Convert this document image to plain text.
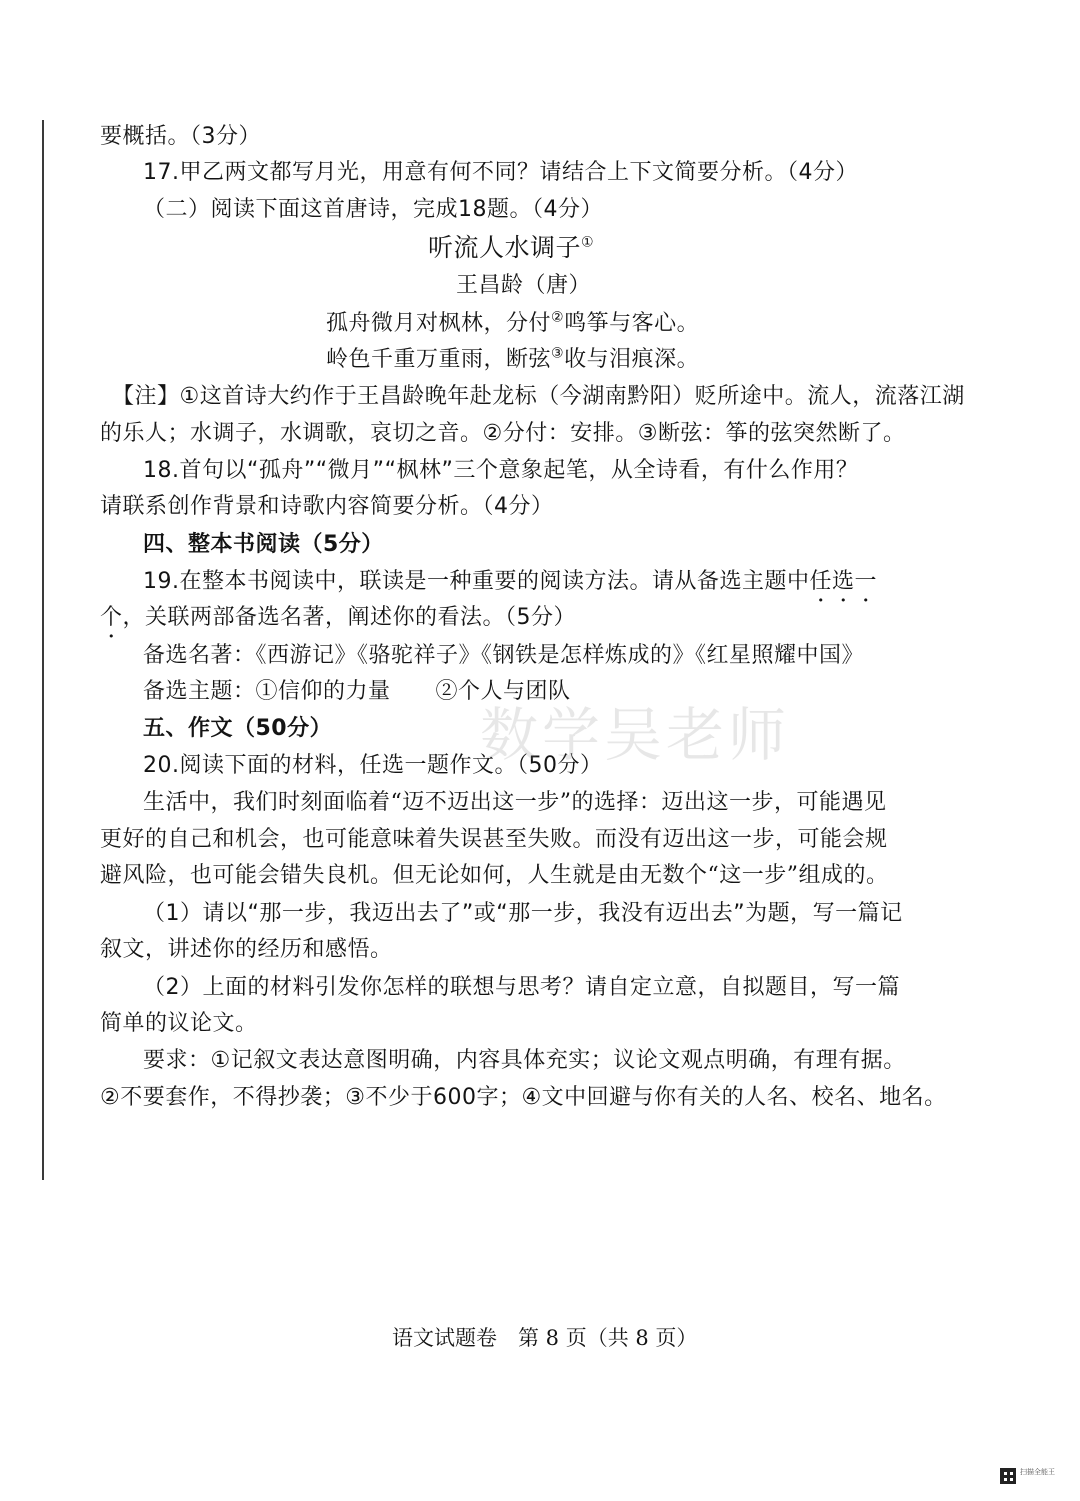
要概括。（3分）
17.甲乙两文都写月光，用意有何不同？请结合上下文简要分析。（4分）
（二）阅读下面这首唐诗，完成18题。（4分）
听流人水调子①
王昌龄（唐）
孤舟微月对枫林，分付②鸣筝与客心。
岭色千重万重雨，断弦③收与泪痕深。
【注】①这首诗大约作于王昌龄晚年赴龙标（今湖南黔阳）贬所途中。流人，流落江湖
的乐人；水调子，水调歌，哀切之音。②分付：安排。③断弦：筝的弦突然断了。
18.首句以“孤舟”“微月”“枫林”三个意象起笔，从全诗看，有什么作用？
请联系创作背景和诗歌内容简要分析。（4分）
四、整本书阅读（5分）
19.在整本书阅读中，联读是一种重要的阅读方法。请从备选主题中任选一
个，关联两部备选名著，阐述你的看法。（5分）
备选名著：《西游记》《骆驼祥子》《钢铁是怎样炼成的》《红星照耀中国》
备选主题：①信仰的力量　　②个人与团队
五、作文（50分）
20.阅读下面的材料，任选一题作文。（50分）
生活中，我们时刻面临着“迈不迈出这一步”的选择：迈出这一步，可能遇见
更好的自己和机会，也可能意味着失误甚至失败。而没有迈出这一步，可能会规
避风险，也可能会错失良机。但无论如何，人生就是由无数个“这一步”组成的。
（1）请以“那一步，我迈出去了”或“那一步，我没有迈出去”为题，写一篇记
叙文，讲述你的经历和感悟。
（2）上面的材料引发你怎样的联想与思考？请自定立意，自拟题目，写一篇
简单的议论文。
要求：①记叙文表达意图明确，内容具体充实；议论文观点明确，有理有据。
②不要套作，不得抄袭；③不少于600字；④文中回避与你有关的人名、校名、地名。
数学吴老师
语文试题卷　第 8 页（共 8 页）
扫描全能王
